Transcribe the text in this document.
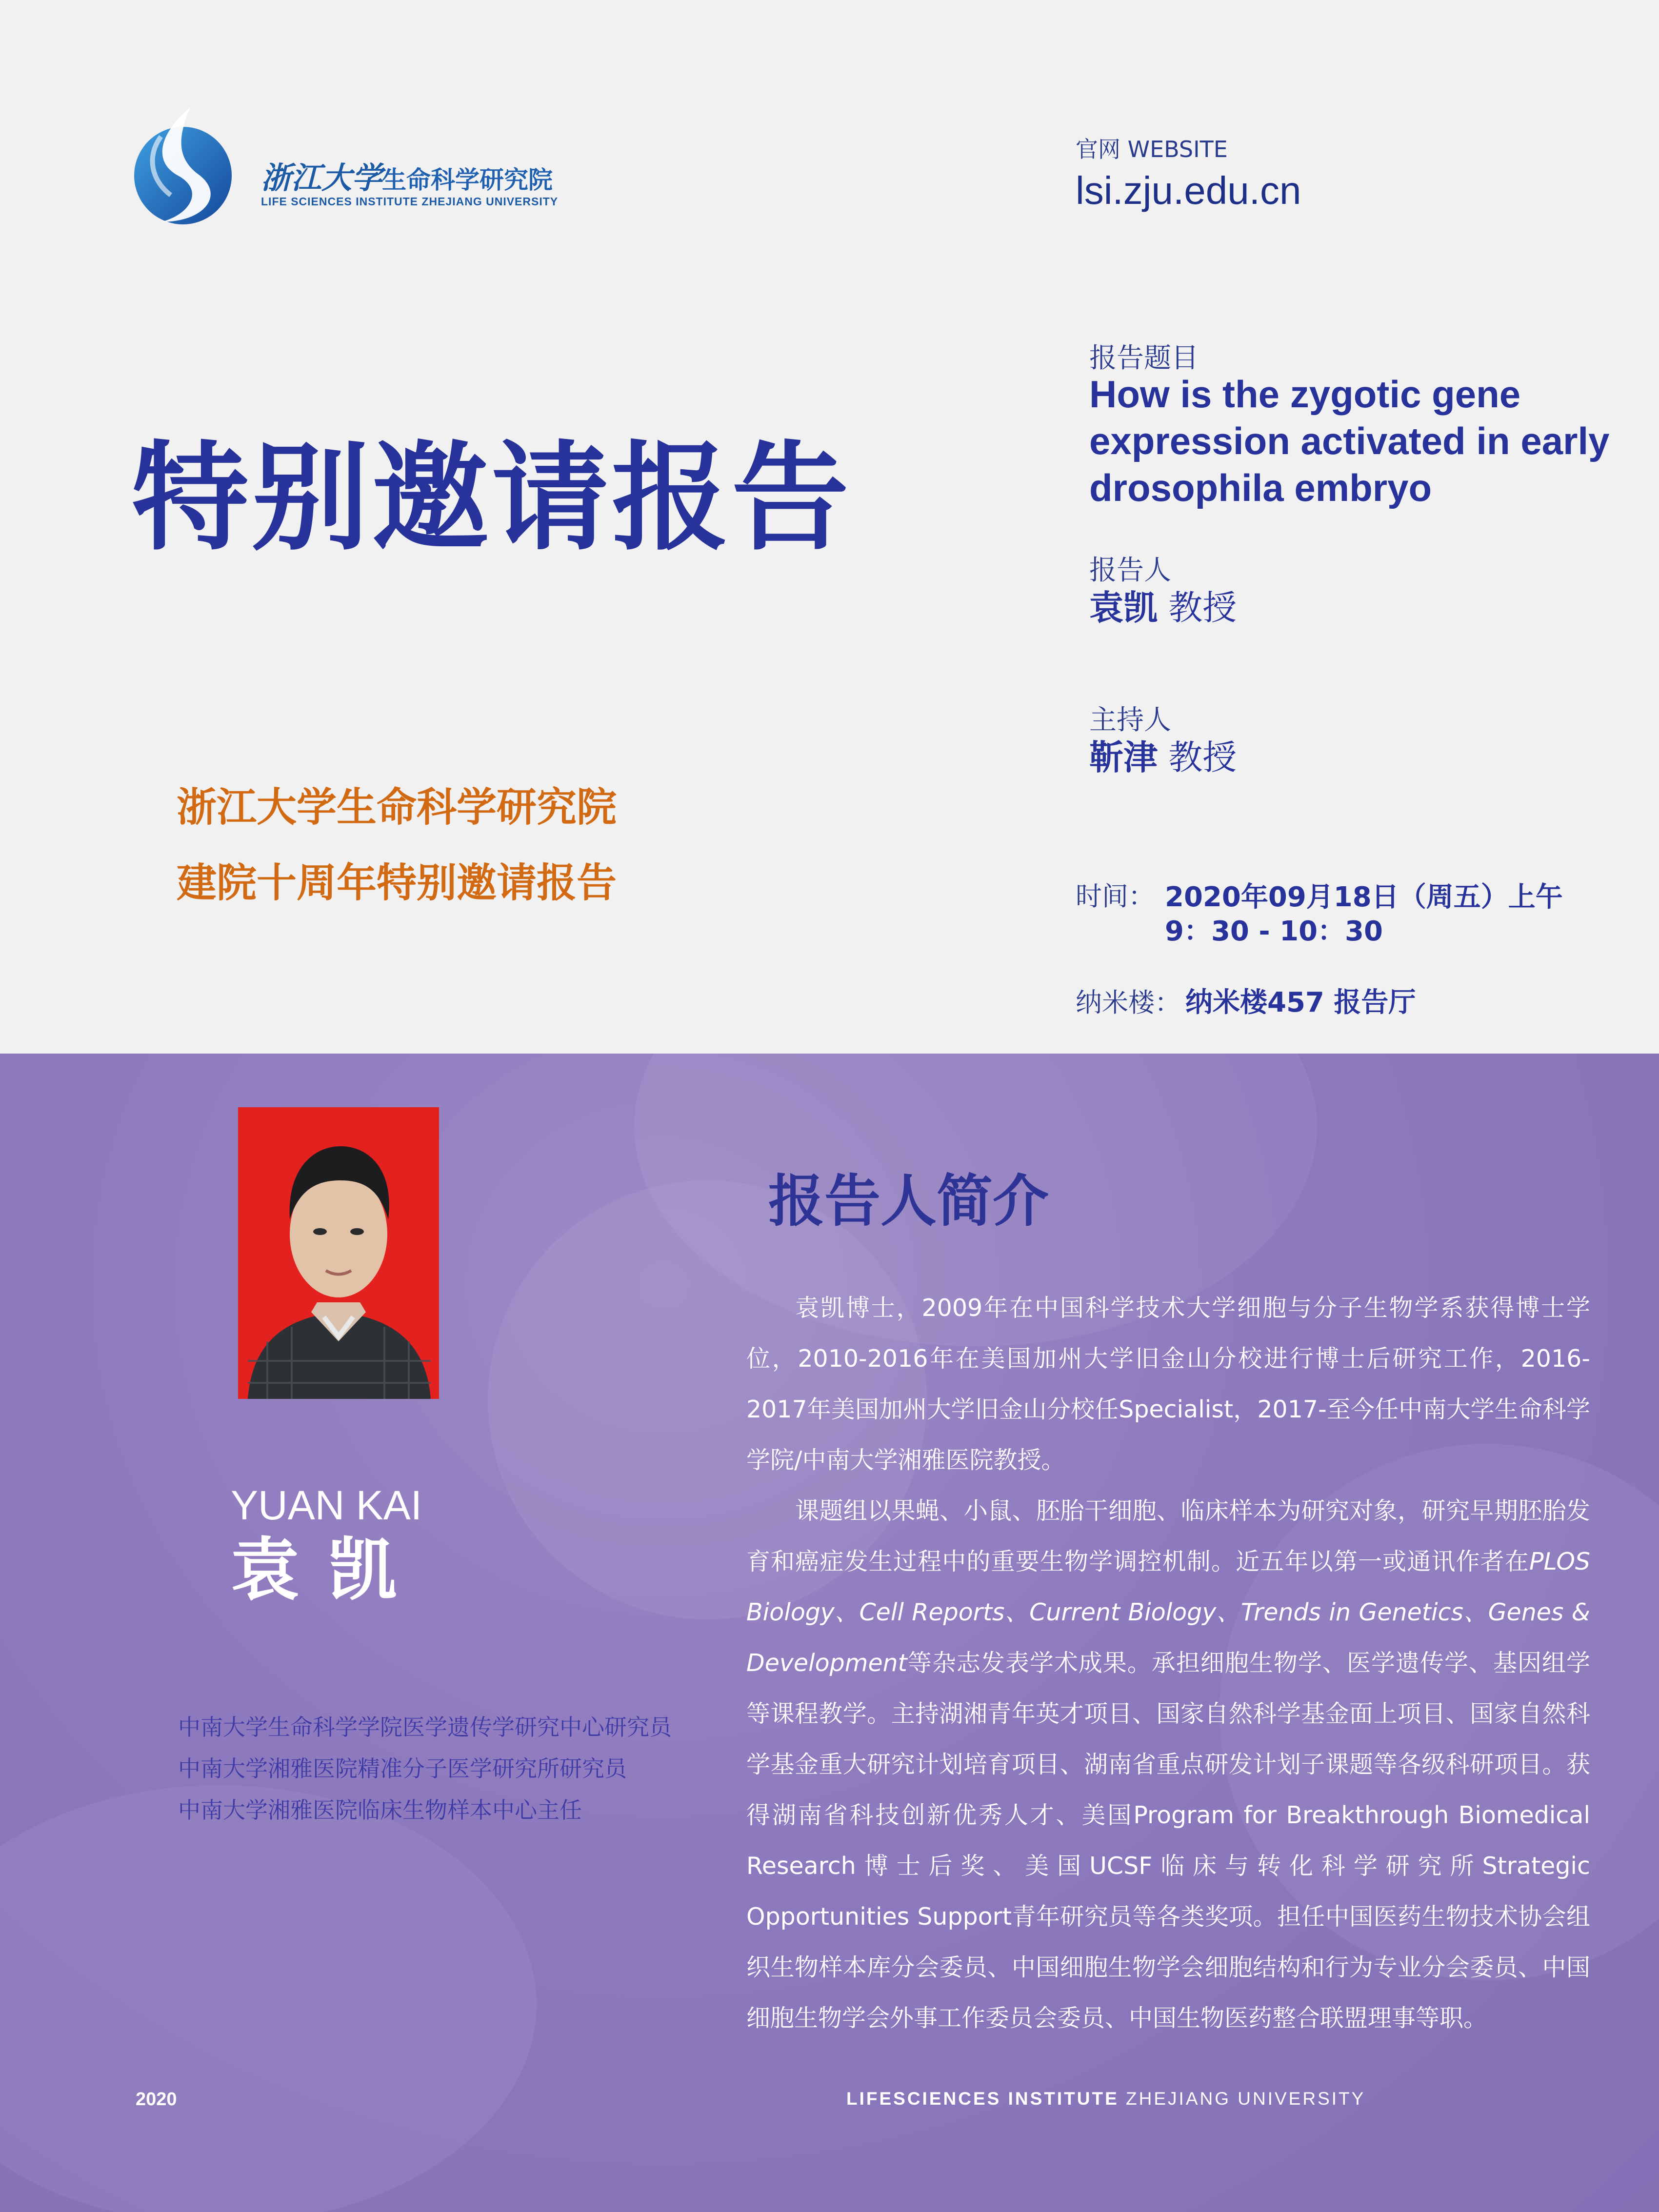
浙江大学生命科学研究院
LIFE SCIENCES INSTITUTE ZHEJIANG UNIVERSITY
官网 WEBSITE
lsi.zju.edu.cn
特别邀请报告
浙江大学生命科学研究院
建院十周年特别邀请报告
报告题目
How is the zygotic gene expression activated in early drosophila embryo
报告人
袁凯 教授
主持人
靳津 教授
时间： 2020年09月18日（周五）上午
9：30 - 10：30
纳米楼： 纳米楼457 报告厅
YUAN KAI
袁凯
中南大学生命科学学院医学遗传学研究中心研究员
中南大学湘雅医院精准分子医学研究所研究员
中南大学湘雅医院临床生物样本中心主任
报告人简介

袁凯博士，2009年在中国科学技术大学细胞与分子生物学系获得博士学位，2010-2016年在美国加州大学旧金山分校进行博士后研究工作，2016-2017年美国加州大学旧金山分校任Specialist，2017-至今任中南大学生命科学学院/中南大学湘雅医院教授。

课题组以果蝇、小鼠、胚胎干细胞、临床样本为研究对象，研究早期胚胎发育和癌症发生过程中的重要生物学调控机制。近五年以第一或通讯作者在PLOS Biology、Cell Reports、Current Biology、Trends in Genetics、Genes & Development等杂志发表学术成果。承担细胞生物学、医学遗传学、基因组学等课程教学。主持湖湘青年英才项目、国家自然科学基金面上项目、国家自然科学基金重大研究计划培育项目、湖南省重点研发计划子课题等各级科研项目。获得湖南省科技创新优秀人才、美国Program for Breakthrough Biomedical Research博士后奖、美国UCSF临床与转化科学研究所Strategic Opportunities Support青年研究员等各类奖项。担任中国医药生物技术协会组织生物样本库分会委员、中国细胞生物学会细胞结构和行为专业分会委员、中国细胞生物学会外事工作委员会委员、中国生物医药整合联盟理事等职。

2020	LIFESCIENCES INSTITUTE ZHEJIANG UNIVERSITY
